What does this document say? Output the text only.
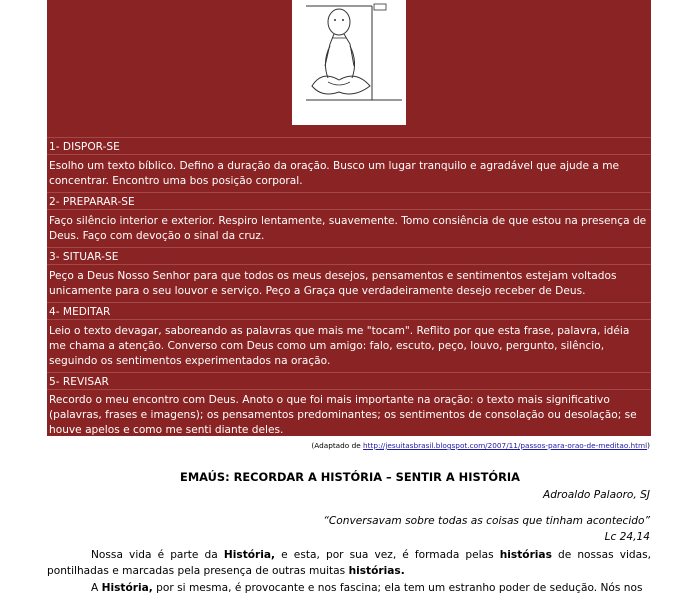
1- DISPOR-SE
Esolho um texto bíblico. Defino a duração da oração. Busco um lugar tranquilo e agradável que ajude a me concentrar. Encontro uma bos posição corporal.
2- PREPARAR-SE
Faço silêncio interior e exterior. Respiro lentamente, suavemente. Tomo consiência de que estou na presença de Deus. Faço com devoção o sinal da cruz.
3- SITUAR-SE
Peço a Deus Nosso Senhor para que todos os meus desejos, pensamentos e sentimentos estejam voltados unicamente para o seu louvor e serviço. Peço a Graça que verdadeiramente desejo receber de Deus.
4- MEDITAR
Leio o texto devagar, saboreando as palavras que mais me "tocam". Reflito por que esta frase, palavra, idéia me chama a atenção. Converso com Deus como um amigo: falo, escuto, peço, louvo, pergunto, silêncio, seguindo os sentimentos experimentados na oração.
5- REVISAR
Recordo o meu encontro com Deus. Anoto o que foi mais importante na oração: o texto mais significativo (palavras, frases e imagens); os pensamentos predominantes; os sentimentos de consolação ou desolação; se houve apelos e como me senti diante deles.
(Adaptado de http://jesuitasbrasil.blogspot.com/2007/11/passos-para-orao-de-meditao.html)
EMAÚS: RECORDAR A HISTÓRIA – SENTIR A HISTÓRIA
Adroaldo Palaoro, SJ
“Conversavam sobre todas as coisas que tinham acontecido”
Lc 24,14
Nossa vida é parte da História, e esta, por sua vez, é formada pelas histórias de nossas vidas, pontilhadas e marcadas pela presença de outras muitas histórias.
A História, por si mesma, é provocante e nos fascina; ela tem um estranho poder de sedução. Nós nos
